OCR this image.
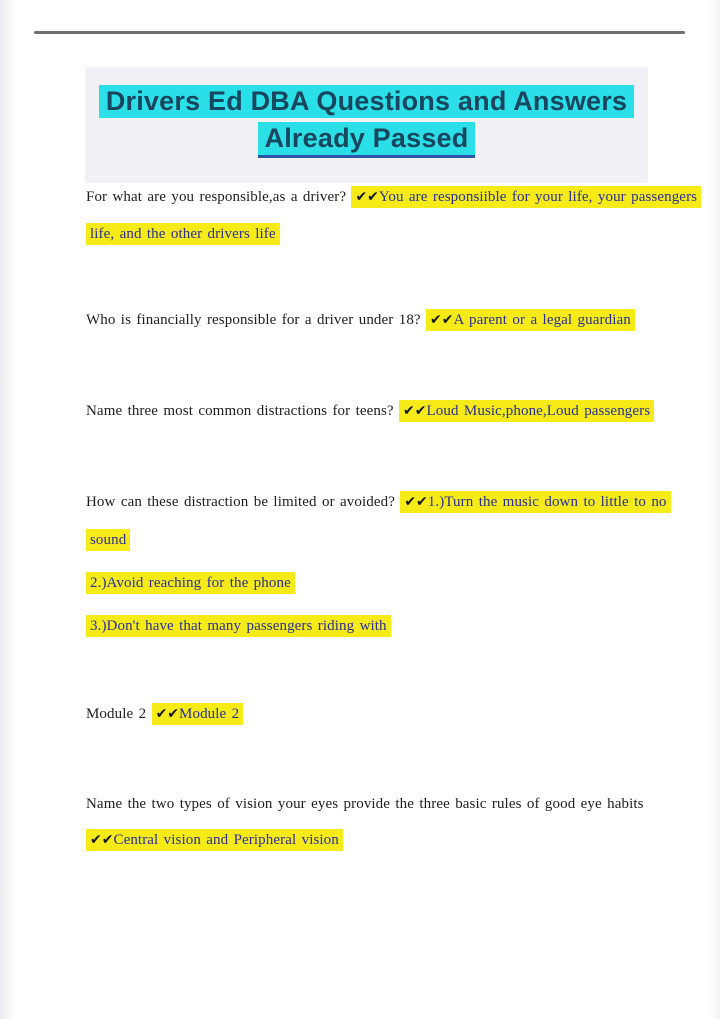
Drivers Ed DBA Questions and Answers
Already Passed
For what are you responsible,as a driver? ✔✔You are responsiible for your life, your passengers
life, and the other drivers life
Who is financially responsible for a driver under 18? ✔✔A parent or a legal guardian
Name three most common distractions for teens? ✔✔Loud Music,phone,Loud passengers
How can these distraction be limited or avoided? ✔✔1.)Turn the music down to little to no
sound
2.)Avoid reaching for the phone
3.)Don't have that many passengers riding with
Module 2 ✔✔Module 2
Name the two types of vision your eyes provide the three basic rules of good eye habits
✔✔Central vision and Peripheral vision
